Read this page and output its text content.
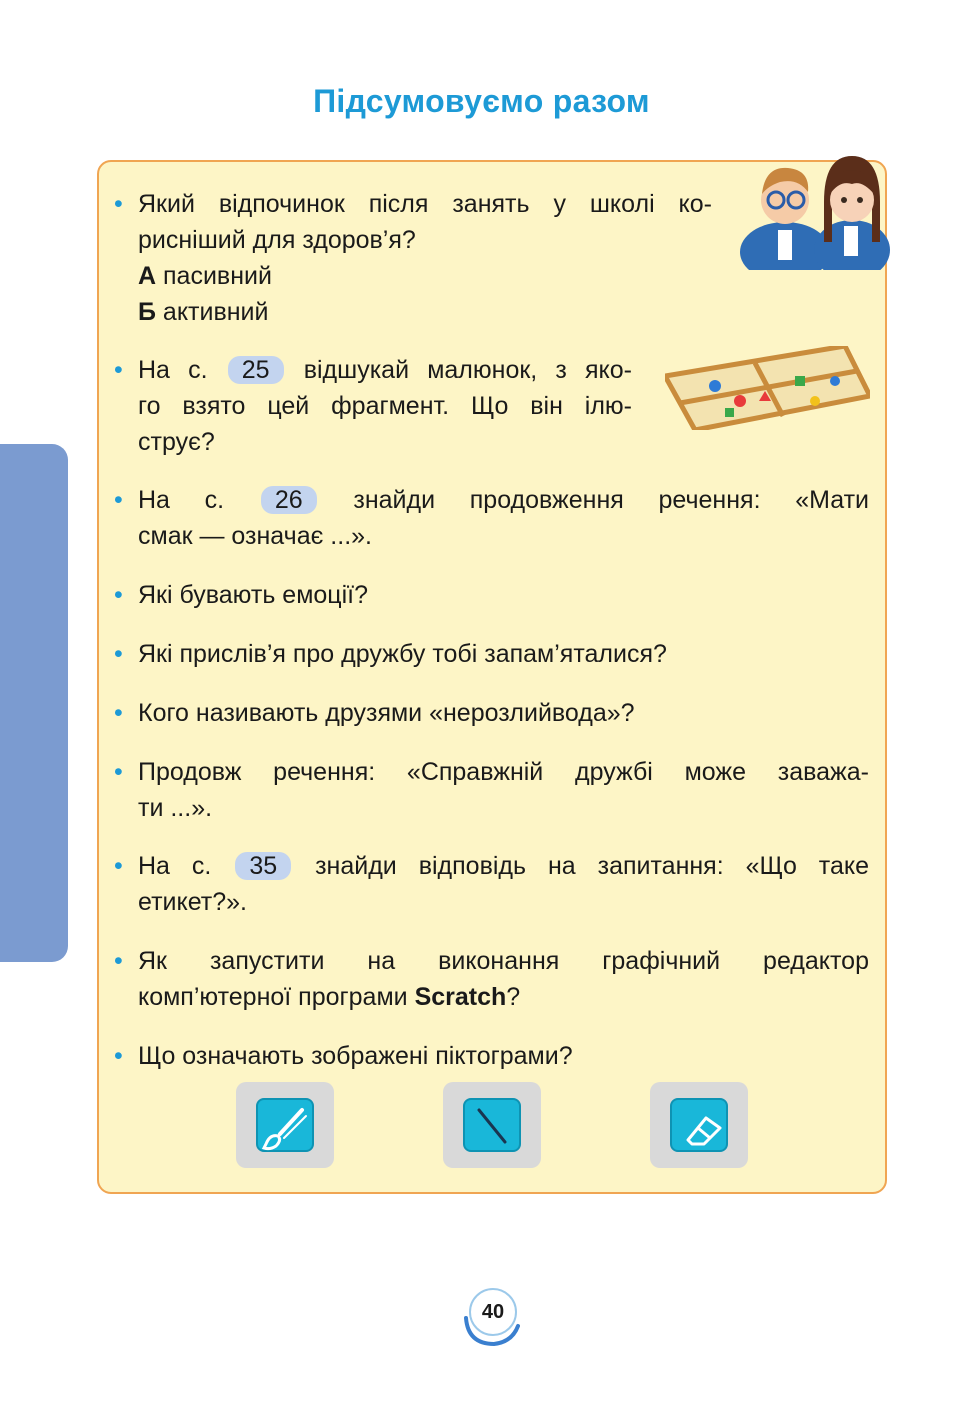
Підсумовуємо разом
• Який відпочинок після занять у школі ко-
рисніший для здоров’я?
А пасивний
Б активний
• На с. 25 відшукай малюнок, з яко-
го взято цей фрагмент. Що він ілю-
струє?
• На с. 26 знайди продовження речення: «Мати
смак — означає ...».
• Які бувають емоції?
• Які прислів’я про дружбу тобі запам’яталися?
• Кого називають друзями «нерозлийвода»?
• Продовж речення: «Справжній дружбі може заважа-
ти ...».
• На с. 35 знайди відповідь на запитання: «Що таке
етикет?».
• Як запустити на виконання графічний редактор
комп’ютерної програми Scratch?
• Що означають зображені піктограми?
40
